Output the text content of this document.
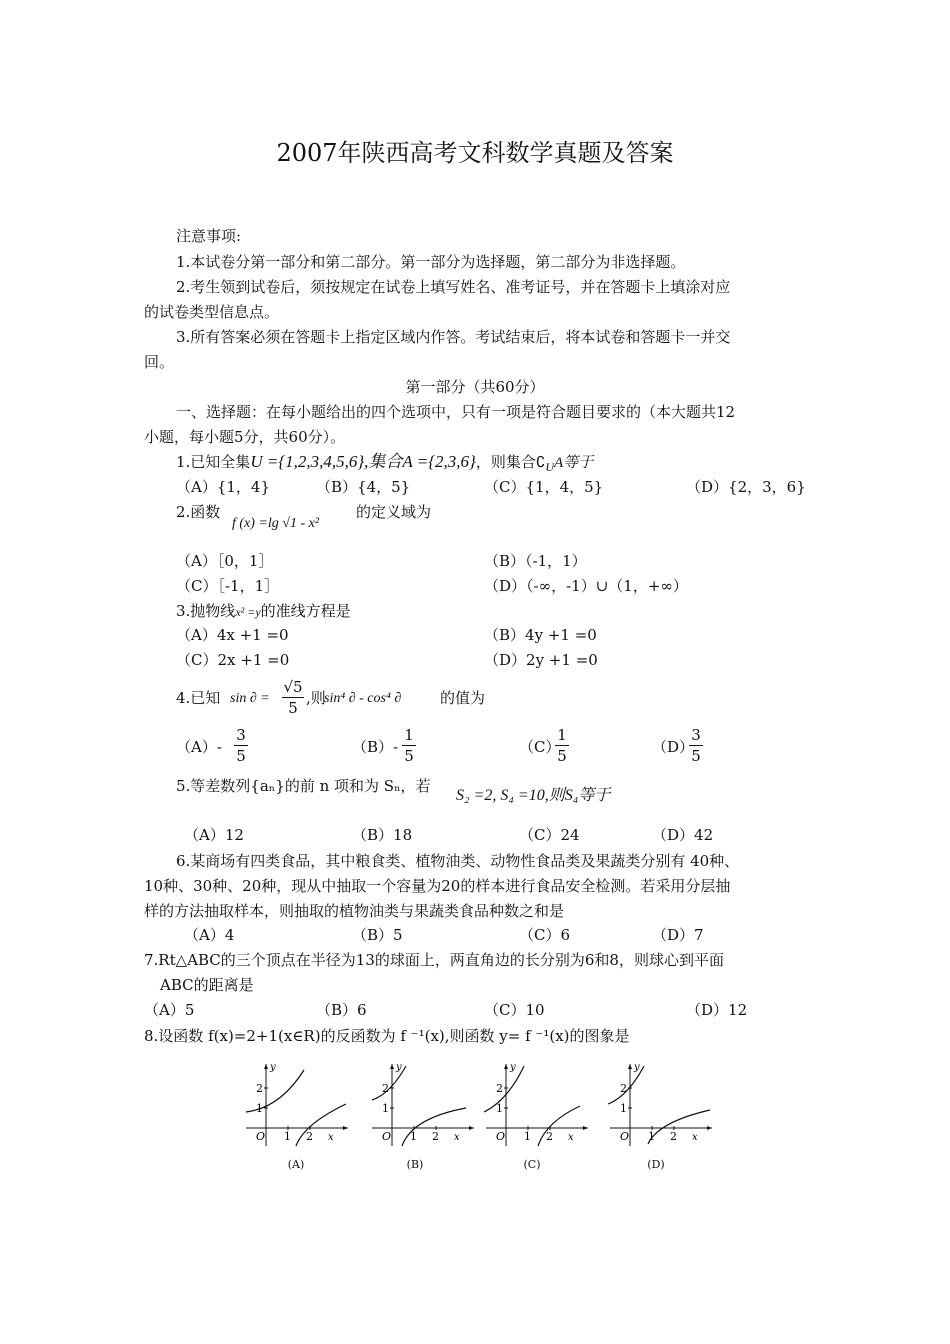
2007年陕西高考文科数学真题及答案
注意事项:
1.本试卷分第一部分和第二部分。第一部分为选择题，第二部分为非选择题。
2.考生领到试卷后，须按规定在试卷上填写姓名、准考证号，并在答题卡上填涂对应
的试卷类型信息点。
3.所有答案必须在答题卡上指定区域内作答。考试结束后，将本试卷和答题卡一并交
回。
第一部分（共60分）
一、选择题：在每小题给出的四个选项中，只有一项是符合题目要求的（本大题共12
小题，每小题5分，共60分）。
1.已知全集U ={1,2,3,4,5,6},集合A ={2,3,6}，则集合$∁_UA$等于
（A）{1，4}	（B）{4，5}	（C）{1，4，5}	（D）{2，3，6}
2.函数
f (x) =lg √1 - x²
的定义域为
（A）［0，1］	（B）（-1，1）
（C）［-1，1］	（D）（-∞，-1）∪（1，+∞）
3.抛物线x² =y的准线方程是
（A）4x +1 =0	（B）4y +1 =0
（C）2x +1 =0	（D）2y +1 =0
4.已知 sin ∂ =
√5
5
,则
sin⁴ ∂ - cos⁴ ∂	的值为
（A）-
3
5	（B）-
1
5	（C）
1
5	（D）
3
5
5.等差数列{aₙ}的前 n 项和为 Sₙ，若
S₂ =2, S₄ =10,则S₄等于
（A）12	（B）18	（C）24	（D）42
6.某商场有四类食品，其中粮食类、植物油类、动物性食品类及果蔬类分别有 40种、
10种、30种、20种，现从中抽取一个容量为20的样本进行食品安全检测。若采用分层抽
样的方法抽取样本，则抽取的植物油类与果蔬类食品种数之和是
（A）4	（B）5	（C）6	（D）7
7.Rt△ABC的三个顶点在半径为13的球面上，两直角边的长分别为6和8，则球心到平面
ABC的距离是
（A）5	（B）6	（C）10	（D）12
8.设函数 f(x)=2+1(x∈R)的反函数为 f ⁻¹(x),则函数 y= f ⁻¹(x)的图象是
y
2
1
O 1 2 x
(A)
y
2
1
O 1 2 x
(B)
y
2
1
O 1 2 x
(C)
y
2
1
O 1 2 x
(D)
